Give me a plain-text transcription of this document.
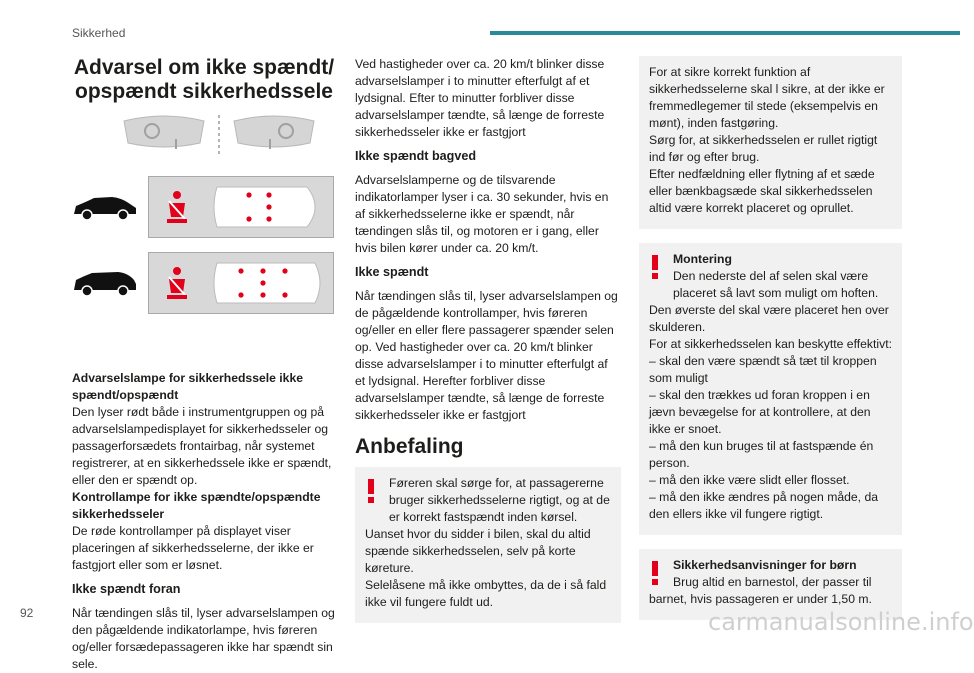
Sikkerhed
Advarsel om ikke spændt/ opspændt sikkerhedssele

Advarselslampe for sikkerhedssele ikke spændt/opspændt

Den lyser rødt både i instrumentgruppen og på advarselslampedisplayet for sikkerhedsseler og passagerforsædets frontairbag, når systemet registrerer, at en sikkerhedssele ikke er spændt, eller den er spændt op.

Kontrollampe for ikke spændte/opspændte sikkerhedsseler

De røde kontrollamper på displayet viser placeringen af sikkerhedsselerne, der ikke er fastgjort eller som er løsnet.

Ikke spændt foran

Når tændingen slås til, lyser advarselslampen og den pågældende indikatorlampe, hvis føreren og/eller forsædepassageren ikke har spændt sin sele.

Ved hastigheder over ca. 20 km/t blinker disse advarselslamper i to minutter efterfulgt af et lydsignal. Efter to minutter forbliver disse advarselslamper tændte, så længe de forreste sikkerhedsseler ikke er fastgjort

Ikke spændt bagved

Advarselslamperne og de tilsvarende indikatorlamper lyser i ca. 30 sekunder, hvis en af sikkerhedsselerne ikke er spændt, når tændingen slås til, og motoren er i gang, eller hvis bilen kører under ca. 20 km/t.

Ikke spændt

Når tændingen slås til, lyser advarselslampen og de pågældende kontrollamper, hvis føreren og/eller en eller flere passagerer spænder selen op. Ved hastigheder over ca. 20 km/t blinker disse advarselslamper i to minutter efterfulgt af et lydsignal. Herefter forbliver disse advarselslamper tændte, så længe de forreste sikkerhedsseler ikke er fastgjort

Anbefaling

Føreren skal sørge for, at passagererne bruger sikkerhedsselerne rigtigt, og at de er korrekt fastspændt inden kørsel.

Uanset hvor du sidder i bilen, skal du altid spænde sikkerhedsselen, selv på korte køreture.

Selelåsene må ikke ombyttes, da de i så fald ikke vil fungere fuldt ud.

For at sikre korrekt funktion af sikkerhedsselerne skal l sikre, at der ikke er fremmedlegemer til stede (eksempelvis en mønt), inden fastgøring.

Sørg for, at sikkerhedsselen er rullet rigtigt ind før og efter brug.

Efter nedfældning eller flytning af et sæde eller bænkbagsæde skal sikkerhedsselen altid være korrekt placeret og oprullet.

Montering

Den nederste del af selen skal være placeret så lavt som muligt om hoften.

Den øverste del skal være placeret hen over skulderen.

For at sikkerhedsselen kan beskytte effektivt:

– skal den være spændt så tæt til kroppen som muligt

– skal den trækkes ud foran kroppen i en jævn bevægelse for at kontrollere, at den ikke er snoet.

– må den kun bruges til at fastspænde én person.

– må den ikke være slidt eller flosset.

– må den ikke ændres på nogen måde, da den ellers ikke vil fungere rigtigt.

Sikkerhedsanvisninger for børn

Brug altid en barnestol, der passer til barnet, hvis passageren er under 1,50 m.

92	carmanualsonline.info
